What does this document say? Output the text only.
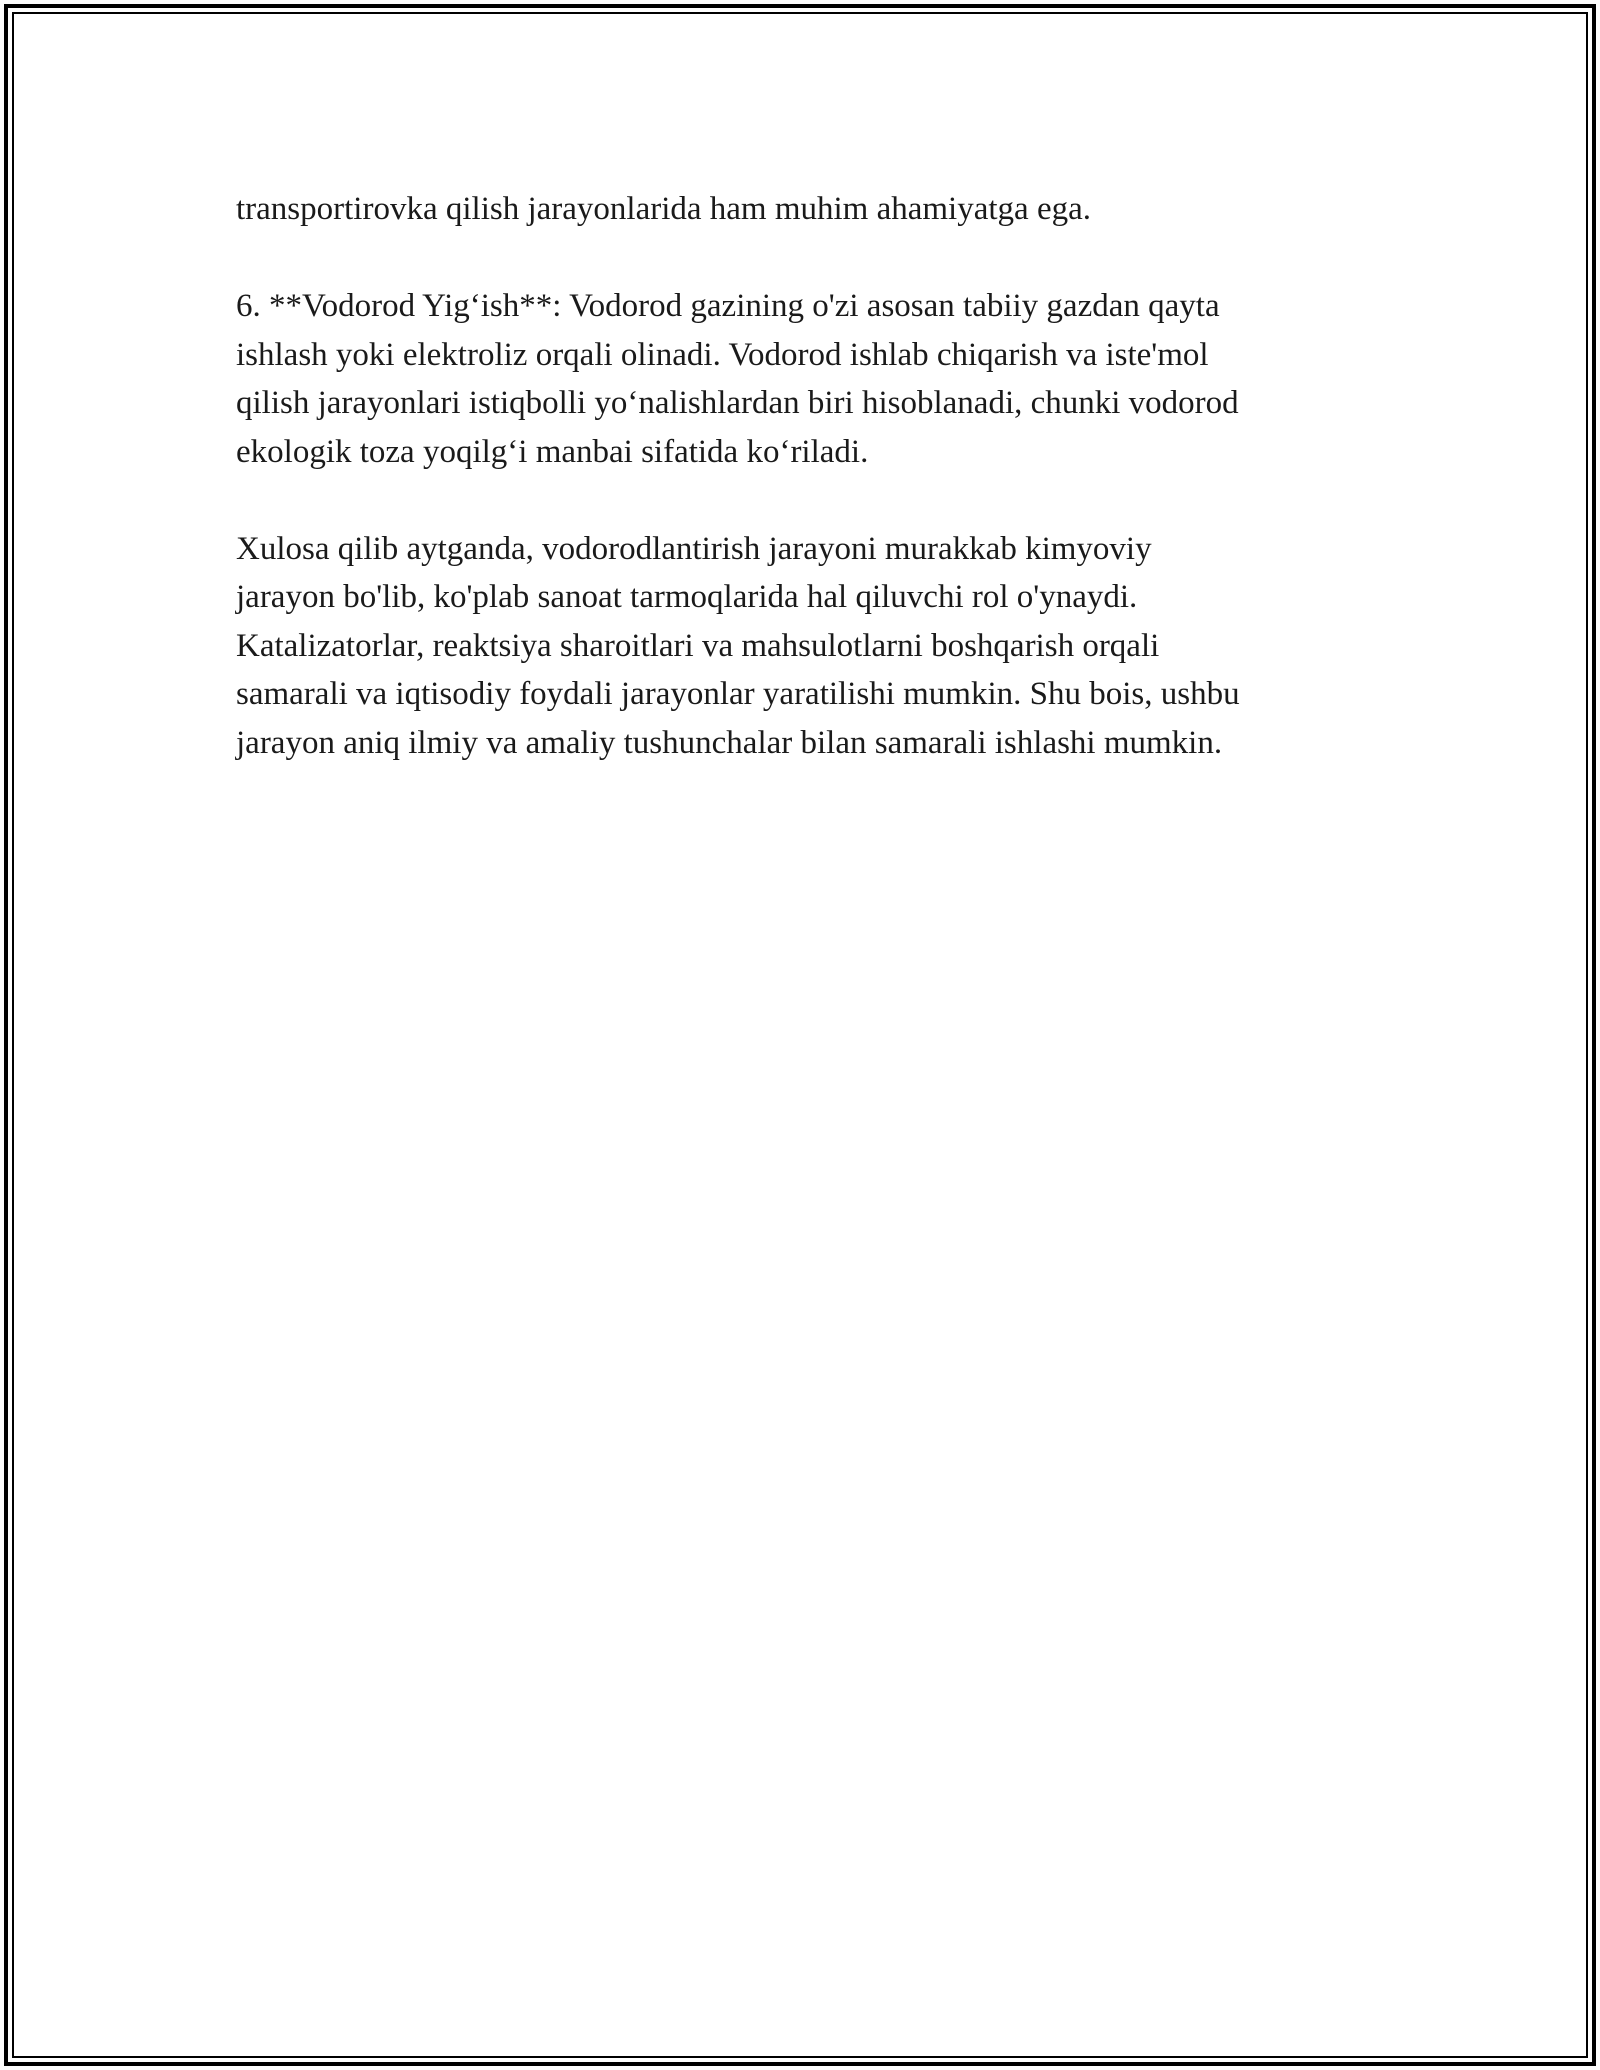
transportirovka qilish jarayonlarida ham muhim ahamiyatga ega.

6. **Vodorod Yig‘ish**: Vodorod gazining o'zi asosan tabiiy gazdan qayta
ishlash yoki elektroliz orqali olinadi. Vodorod ishlab chiqarish va iste'mol
qilish jarayonlari istiqbolli yo‘nalishlardan biri hisoblanadi, chunki vodorod
ekologik toza yoqilg‘i manbai sifatida ko‘riladi.

Xulosa qilib aytganda, vodorodlantirish jarayoni murakkab kimyoviy
jarayon bo'lib, ko'plab sanoat tarmoqlarida hal qiluvchi rol o'ynaydi.
Katalizatorlar, reaktsiya sharoitlari va mahsulotlarni boshqarish orqali
samarali va iqtisodiy foydali jarayonlar yaratilishi mumkin. Shu bois, ushbu
jarayon aniq ilmiy va amaliy tushunchalar bilan samarali ishlashi mumkin.
